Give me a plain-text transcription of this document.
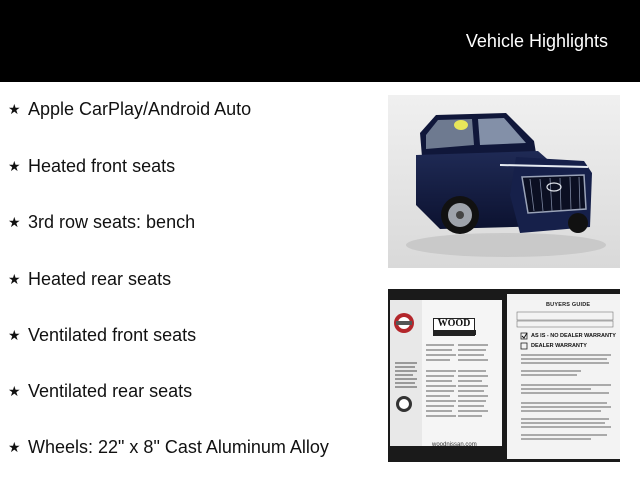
Vehicle Highlights
★ Apple CarPlay/Android Auto
★ Heated front seats
★ 3rd row seats: bench
★ Heated rear seats
★ Ventilated front seats
★ Ventilated rear seats
★ Wheels: 22" x 8" Cast Aluminum Alloy
WOOD
woodnissan.com
BUYERS GUIDE
AS IS - NO DEALER WARRANTY
DEALER WARRANTY
